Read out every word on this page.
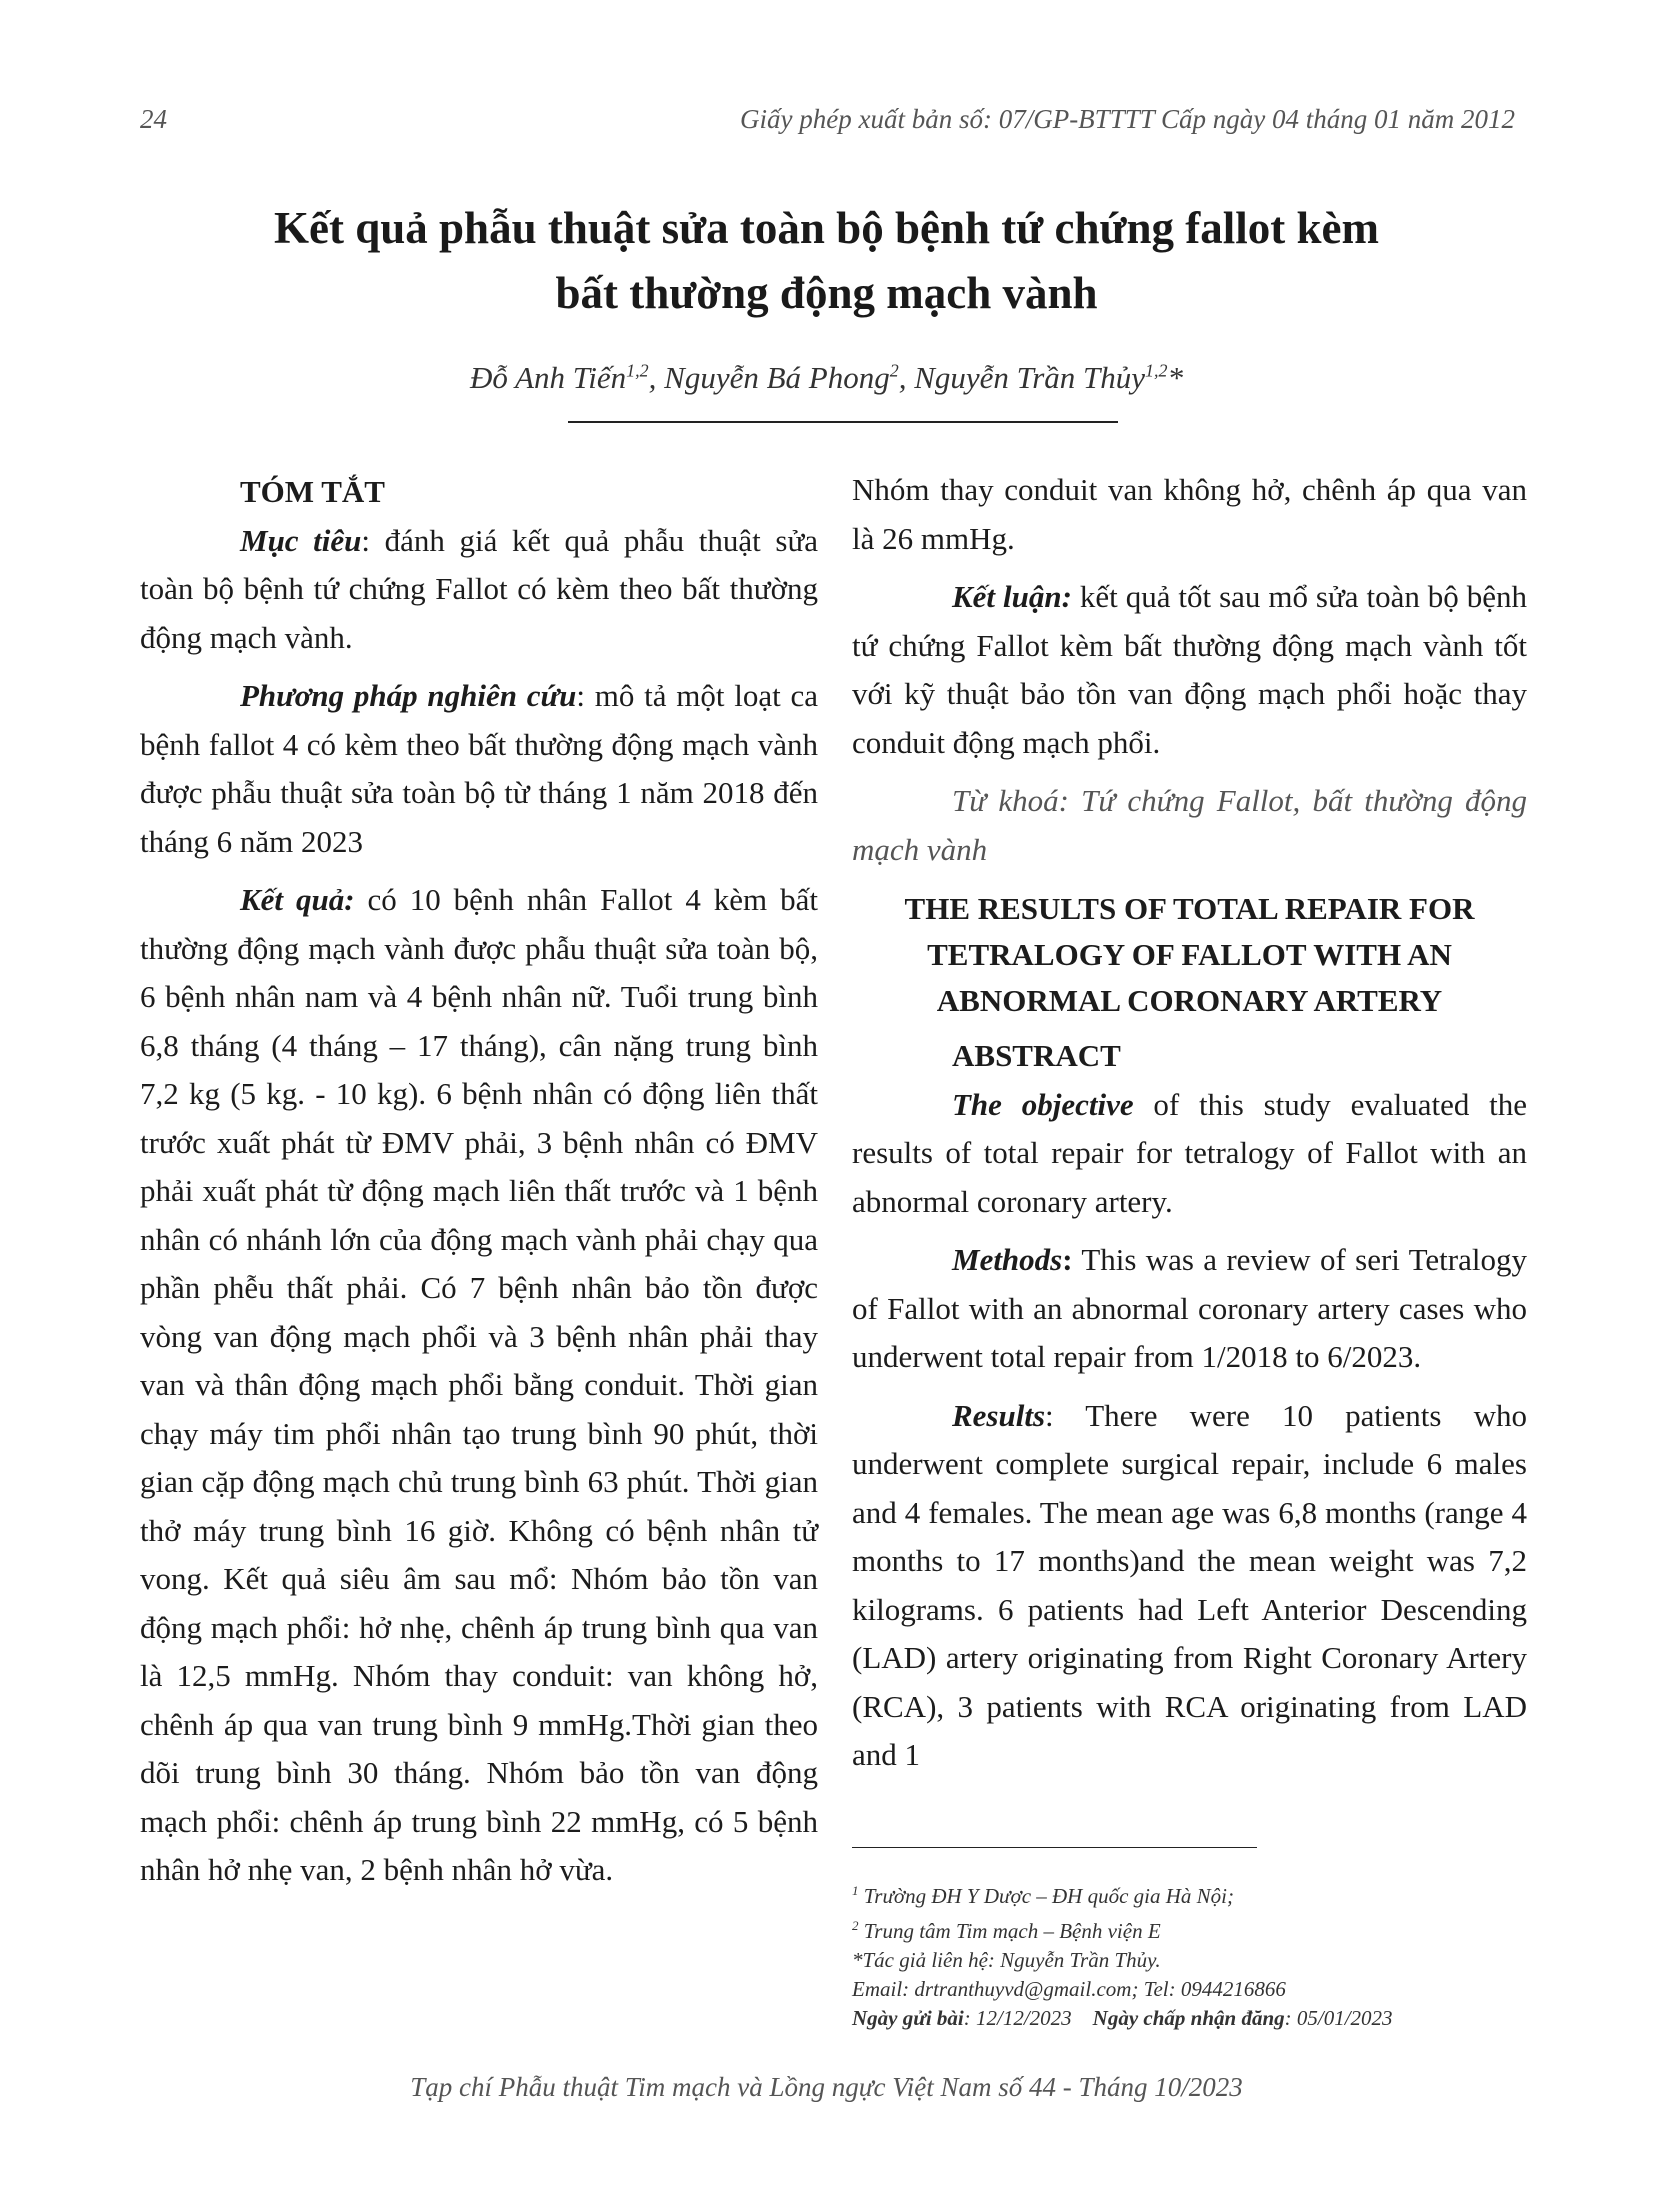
24	Giấy phép xuất bản số: 07/GP-BTTTT Cấp ngày 04 tháng 01 năm 2012
Kết quả phẫu thuật sửa toàn bộ bệnh tứ chứng fallot kèm
bất thường động mạch vành
Đỗ Anh Tiến$^{1,2}$, Nguyễn Bá Phong$^2$, Nguyễn Trần Thủy$^{1,2}$*

TÓM TẮT

Mục tiêu: đánh giá kết quả phẫu thuật sửa toàn bộ bệnh tứ chứng Fallot có kèm theo bất thường động mạch vành.

Phương pháp nghiên cứu: mô tả một loạt ca bệnh fallot 4 có kèm theo bất thường động mạch vành được phẫu thuật sửa toàn bộ từ tháng 1 năm 2018 đến tháng 6 năm 2023

Kết quả: có 10 bệnh nhân Fallot 4 kèm bất thường động mạch vành được phẫu thuật sửa toàn bộ, 6 bệnh nhân nam và 4 bệnh nhân nữ. Tuổi trung bình 6,8 tháng (4 tháng – 17 tháng), cân nặng trung bình 7,2 kg (5 kg. - 10 kg). 6 bệnh nhân có động liên thất trước xuất phát từ ĐMV phải, 3 bệnh nhân có ĐMV phải xuất phát từ động mạch liên thất trước và 1 bệnh nhân có nhánh lớn của động mạch vành phải chạy qua phần phễu thất phải. Có 7 bệnh nhân bảo tồn được vòng van động mạch phổi và 3 bệnh nhân phải thay van và thân động mạch phổi bằng conduit. Thời gian chạy máy tim phổi nhân tạo trung bình 90 phút, thời gian cặp động mạch chủ trung bình 63 phút. Thời gian thở máy trung bình 16 giờ. Không có bệnh nhân tử vong. Kết quả siêu âm sau mổ: Nhóm bảo tồn van động mạch phổi: hở nhẹ, chênh áp trung bình qua van là 12,5 mmHg. Nhóm thay conduit: van không hở, chênh áp qua van trung bình 9 mmHg.Thời gian theo dõi trung bình 30 tháng. Nhóm bảo tồn van động mạch phổi: chênh áp trung bình 22 mmHg, có 5 bệnh nhân hở nhẹ van, 2 bệnh nhân hở vừa.

Nhóm thay conduit van không hở, chênh áp qua van là 26 mmHg.

Kết luận: kết quả tốt sau mổ sửa toàn bộ bệnh tứ chứng Fallot kèm bất thường động mạch vành tốt với kỹ thuật bảo tồn van động mạch phổi hoặc thay conduit động mạch phổi.

Từ khoá: Tứ chứng Fallot, bất thường động mạch vành

THE RESULTS OF TOTAL REPAIR FOR
TETRALOGY OF FALLOT WITH AN
ABNORMAL CORONARY ARTERY

ABSTRACT

The objective of this study evaluated the results of total repair for tetralogy of Fallot with an abnormal coronary artery.

Methods: This was a review of seri Tetralogy of Fallot with an abnormal coronary artery cases who underwent total repair from 1/2018 to 6/2023.

Results: There were 10 patients who underwent complete surgical repair, include 6 males and 4 females. The mean age was 6,8 months (range 4 months to 17 months)and the mean weight was 7,2 kilograms. 6 patients had Left Anterior Descending (LAD) artery originating from Right Coronary Artery (RCA), 3 patients with RCA originating from LAD and 1

$^1$ Trường ĐH Y Dược – ĐH quốc gia Hà Nội;
$^2$ Trung tâm Tim mạch – Bệnh viện E
*Tác giả liên hệ: Nguyễn Trần Thủy.
Email: drtranthuyvd@gmail.com; Tel: 0944216866
Ngày gửi bài: 12/12/2023 Ngày chấp nhận đăng: 05/01/2023
Tạp chí Phẫu thuật Tim mạch và Lồng ngực Việt Nam số 44 - Tháng 10/2023
